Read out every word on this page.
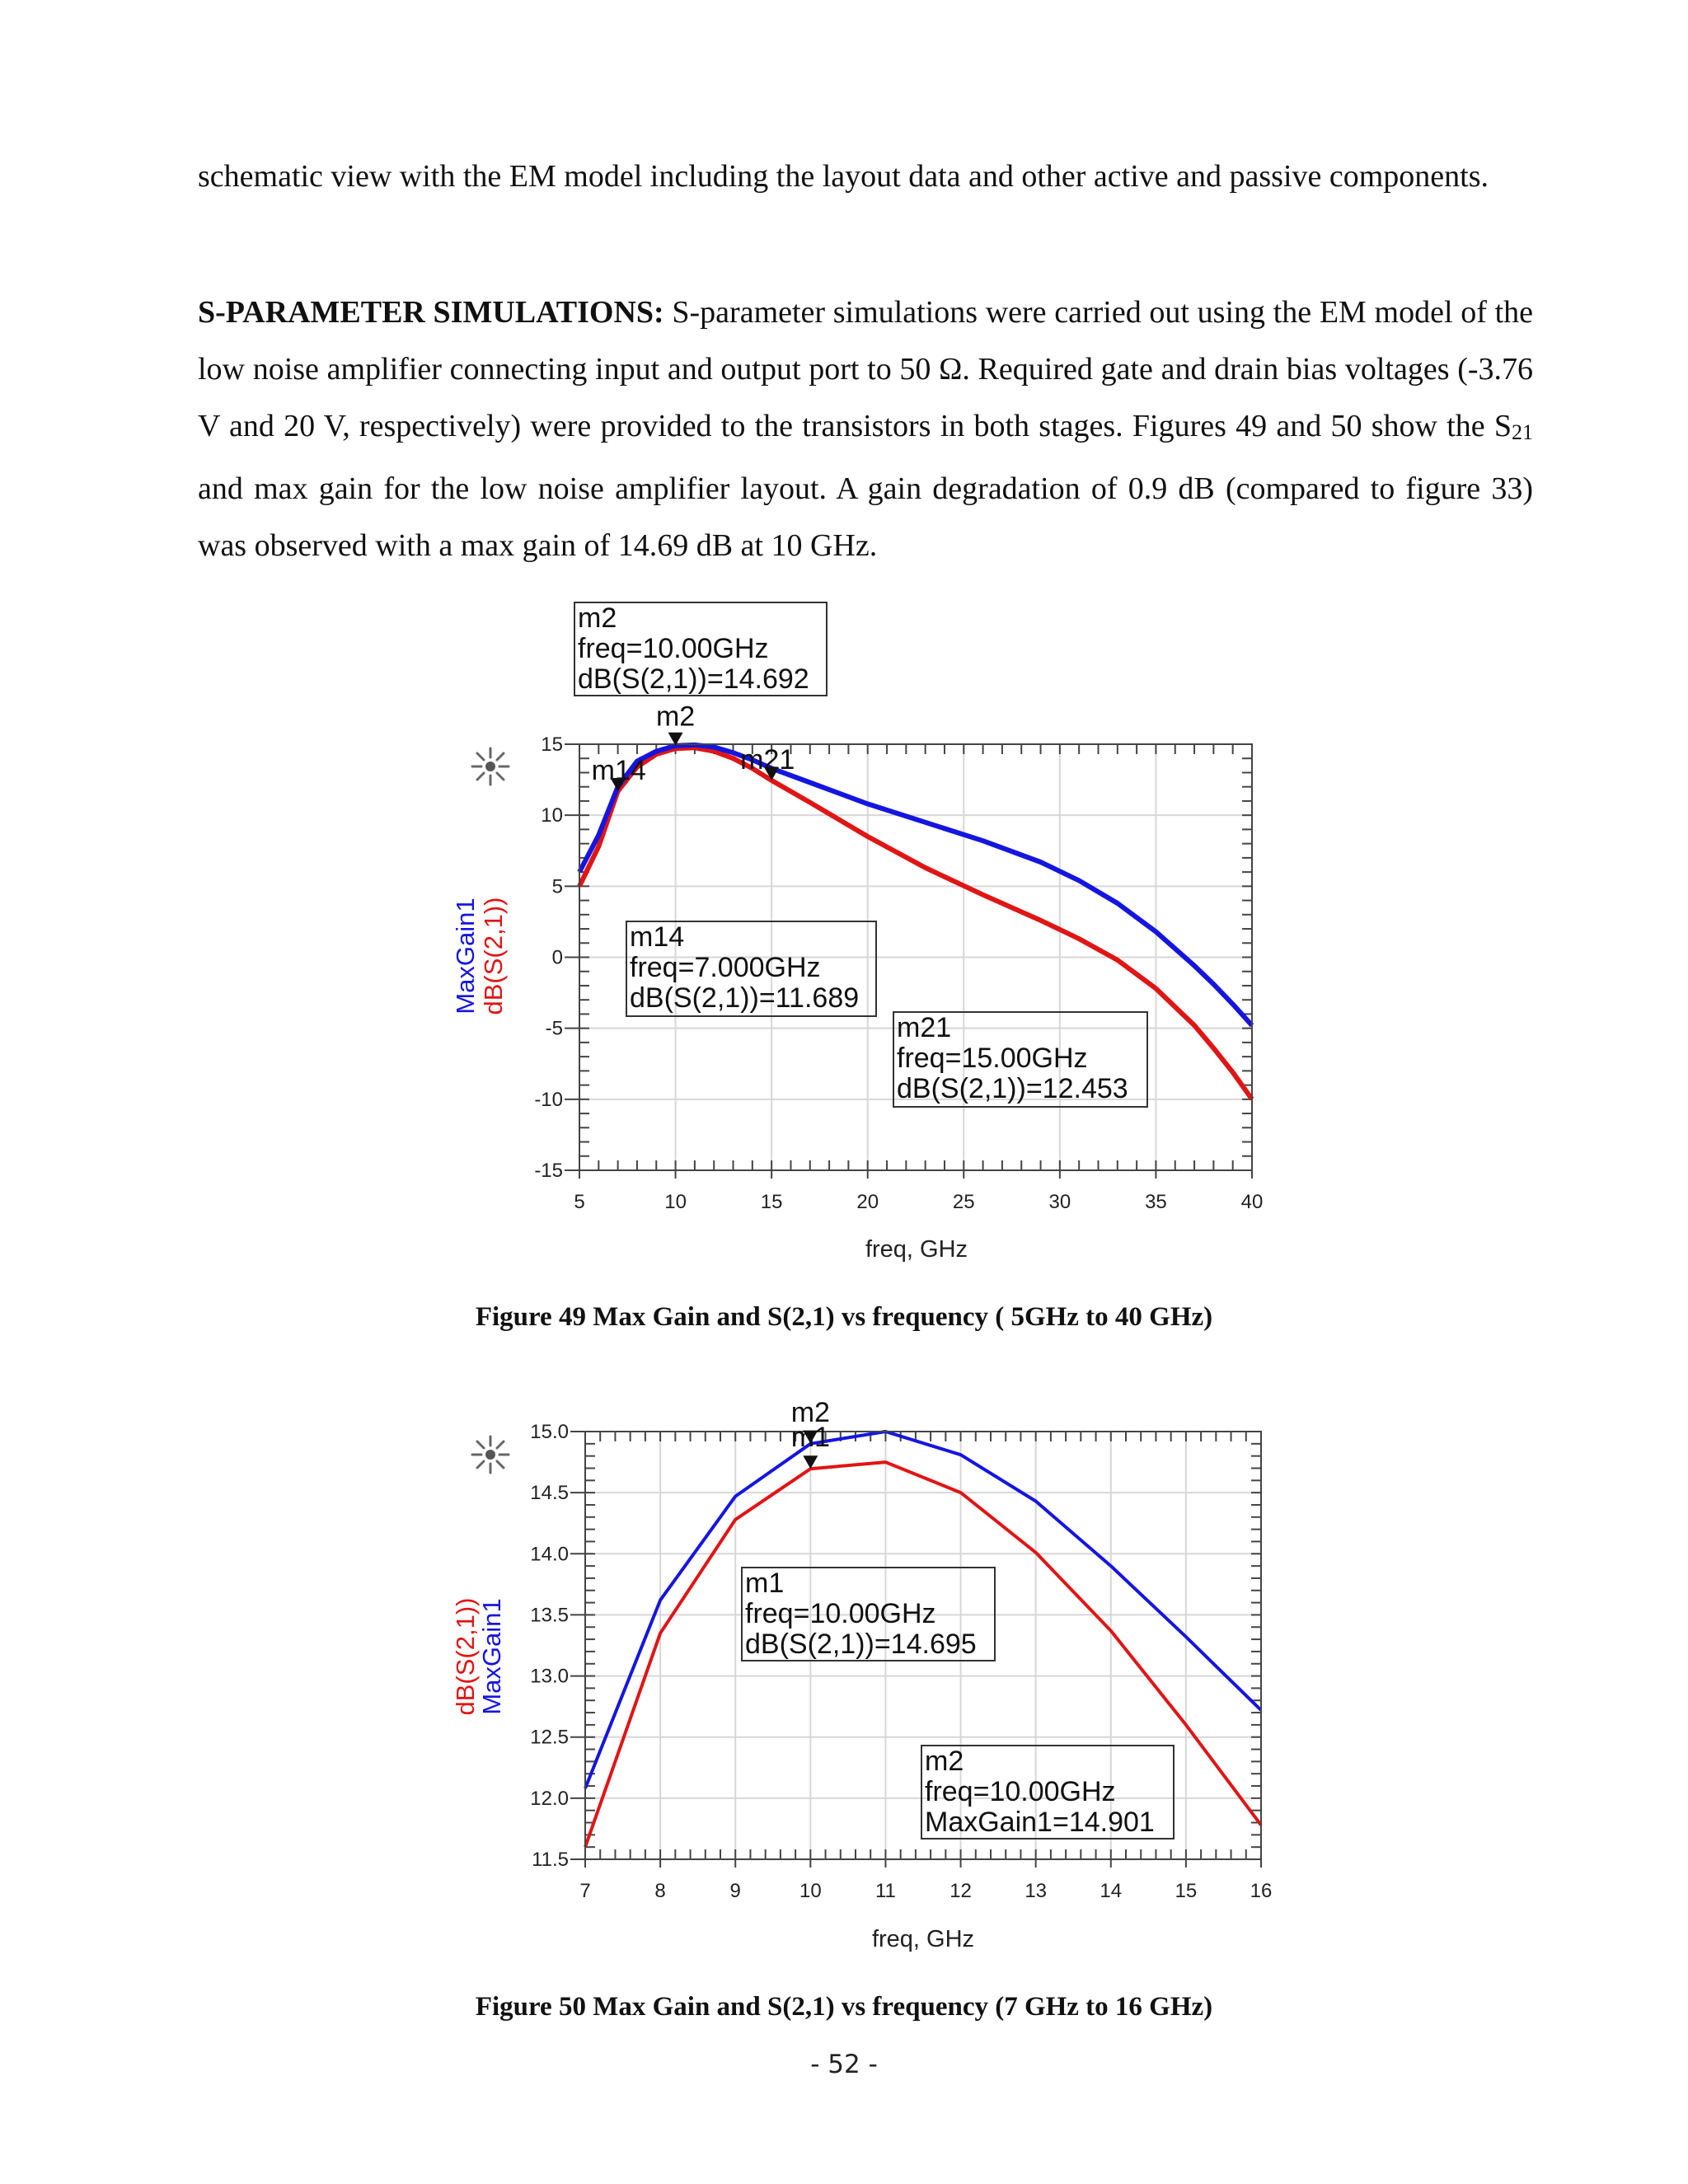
schematic view with the EM model including the layout data and other active and passive components.

S-PARAMETER SIMULATIONS: S-parameter simulations were carried out using the EM model of the low noise amplifier connecting input and output port to 50 Ω. Required gate and drain bias voltages (-3.76 V and 20 V, respectively) were provided to the transistors in both stages. Figures 49 and 50 show the $S_{21}$ and max gain for the low noise amplifier layout. A gain degradation of 0.9 dB (compared to figure 33) was observed with a max gain of 14.69 dB at 10 GHz.

5	10	15	20	25	30	35	40
15
10
5
0
-5
-10
-15
m2
freq=10.00GHz
dB(S(2,1))=14.692
m14
freq=7.000GHz
dB(S(2,1))=11.689
m21
freq=15.00GHz
dB(S(2,1))=12.453
m2
m14	m21
freq, GHz
MaxGain1 dB(S(2,1))
Figure 49 Max Gain and S(2,1) vs frequency ( 5GHz to 40 GHz)
7	8	9	10	11	12	13	14	15	16
15.0
14.5
14.0
13.5
13.0
12.5
12.0
11.5
m2
freq=10.00GHz
MaxGain1=14.901
m1
freq=10.00GHz
dB(S(2,1))=14.695
m2
m1
freq, GHz
dB(S(2,1))
MaxGain1
Figure 50 Max Gain and S(2,1) vs frequency (7 GHz to 16 GHz)
- 52 -
